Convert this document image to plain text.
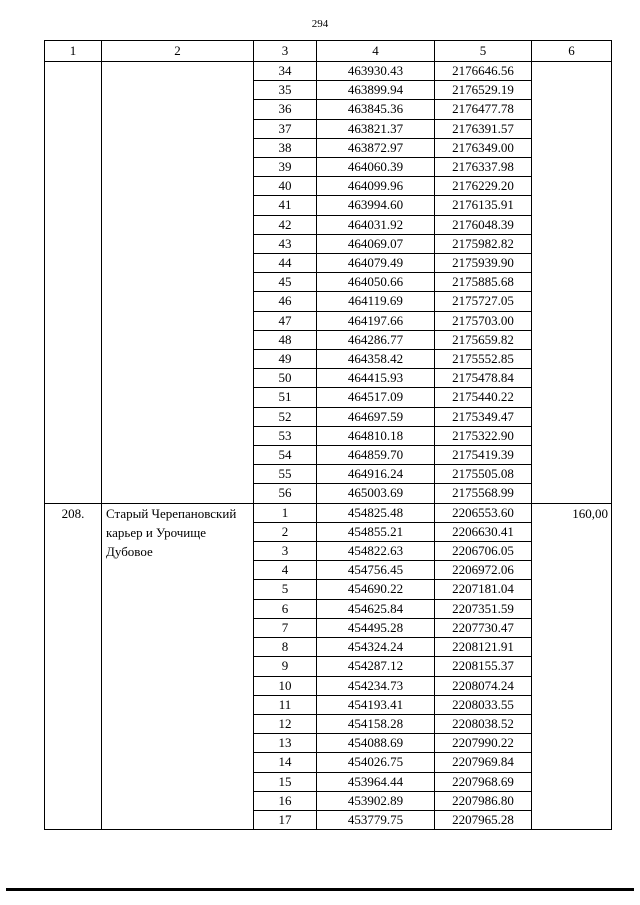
294
1	2	3	4	5	6
		34	463930.43	2176646.56	
		35	463899.94	2176529.19	
		36	463845.36	2176477.78	
		37	463821.37	2176391.57	
		38	463872.97	2176349.00	
		39	464060.39	2176337.98	
		40	464099.96	2176229.20	
		41	463994.60	2176135.91	
		42	464031.92	2176048.39	
		43	464069.07	2175982.82	
		44	464079.49	2175939.90	
		45	464050.66	2175885.68	
		46	464119.69	2175727.05	
		47	464197.66	2175703.00	
		48	464286.77	2175659.82	
		49	464358.42	2175552.85	
		50	464415.93	2175478.84	
		51	464517.09	2175440.22	
		52	464697.59	2175349.47	
		53	464810.18	2175322.90	
		54	464859.70	2175419.39	
		55	464916.24	2175505.08	
		56	465003.69	2175568.99	
208.	Старый Черепановский карьер и Урочище Дубовое	1	454825.48	2206553.60	160,00
		2	454855.21	2206630.41	
		3	454822.63	2206706.05	
		4	454756.45	2206972.06	
		5	454690.22	2207181.04	
		6	454625.84	2207351.59	
		7	454495.28	2207730.47	
		8	454324.24	2208121.91	
		9	454287.12	2208155.37	
		10	454234.73	2208074.24	
		11	454193.41	2208033.55	
		12	454158.28	2208038.52	
		13	454088.69	2207990.22	
		14	454026.75	2207969.84	
		15	453964.44	2207968.69	
		16	453902.89	2207986.80	
		17	453779.75	2207965.28	
